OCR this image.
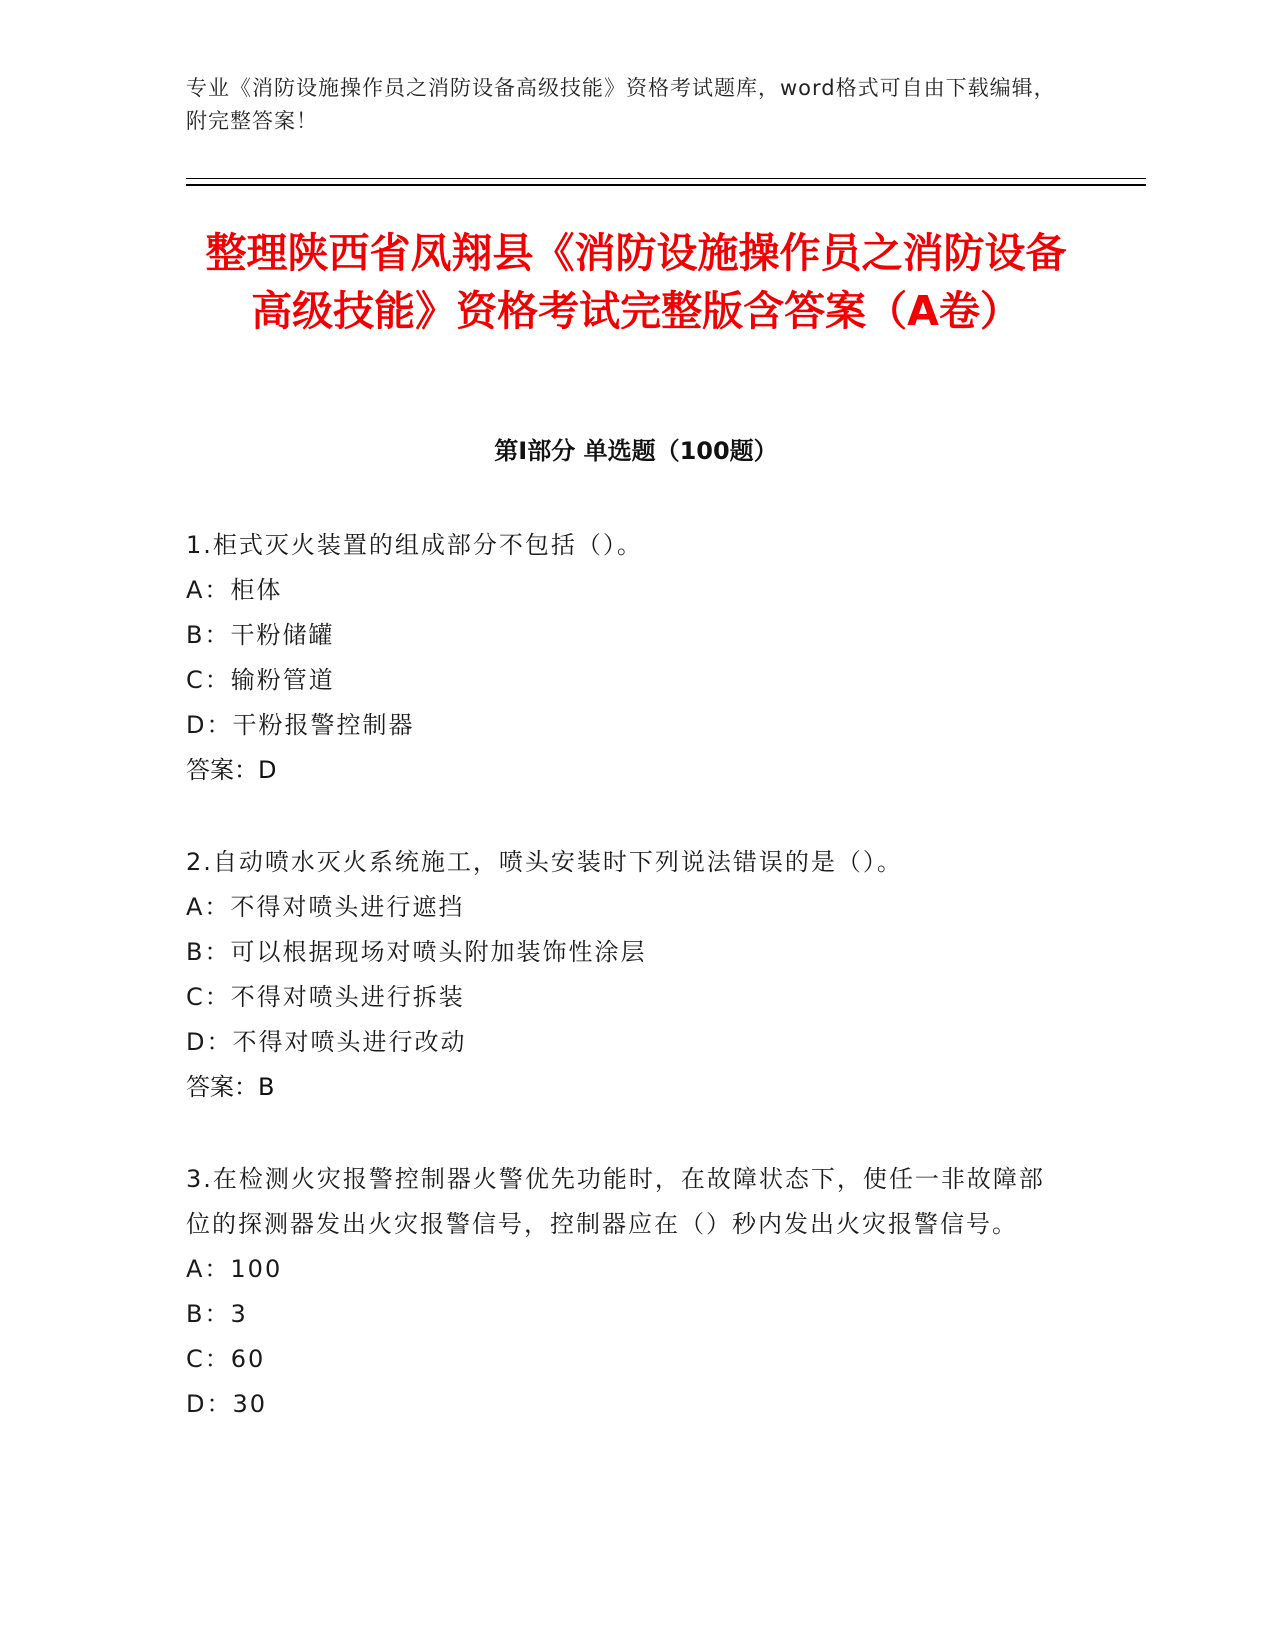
专业《消防设施操作员之消防设备高级技能》资格考试题库，word格式可自由下载编辑，附完整答案！
整理陕西省凤翔县《消防设施操作员之消防设备高级技能》资格考试完整版含答案（A卷）
第I部分 单选题（100题）
1.柜式灭火装置的组成部分不包括（）。
A：柜体
B：干粉储罐
C：输粉管道
D：干粉报警控制器
答案：D
2.自动喷水灭火系统施工，喷头安装时下列说法错误的是（）。
A：不得对喷头进行遮挡
B：可以根据现场对喷头附加装饰性涂层
C：不得对喷头进行拆装
D：不得对喷头进行改动
答案：B
3.在检测火灾报警控制器火警优先功能时，在故障状态下，使任一非故障部位的探测器发出火灾报警信号，控制器应在（）秒内发出火灾报警信号。
A：100
B：3
C：60
D：30
